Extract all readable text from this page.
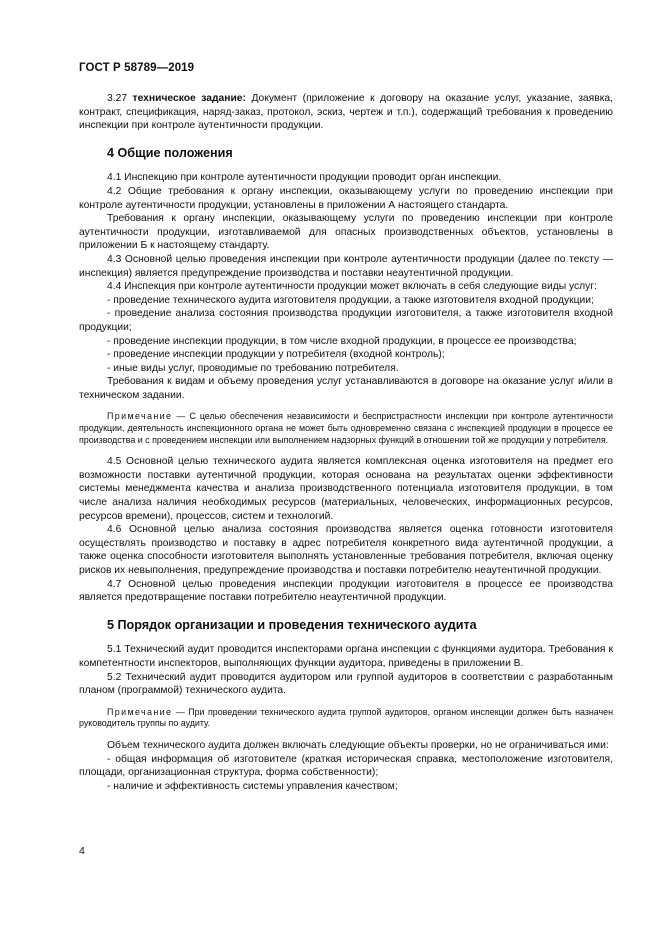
ГОСТ Р 58789—2019

3.27 техническое задание: Документ (приложение к договору на оказание услуг, указание, заявка, контракт, спецификация, наряд-заказ, протокол, эскиз, чертеж и т.п.), содержащий требования к проведению инспекции при контроле аутентичности продукции.

4 Общие положения

4.1 Инспекцию при контроле аутентичности продукции проводит орган инспекции.

4.2 Общие требования к органу инспекции, оказывающему услуги по проведению инспекции при контроле аутентичности продукции, установлены в приложении А настоящего стандарта.

Требования к органу инспекции, оказывающему услуги по проведению инспекции при контроле аутентичности продукции, изготавливаемой для опасных производственных объектов, установлены в приложении Б к настоящему стандарту.

4.3 Основной целью проведения инспекции при контроле аутентичности продукции (далее по тексту — инспекция) является предупреждение производства и поставки неаутентичной продукции.

4.4 Инспекция при контроле аутентичности продукции может включать в себя следующие виды услуг:

- проведение технического аудита изготовителя продукции, а также изготовителя входной продукции;

- проведение анализа состояния производства продукции изготовителя, а также изготовителя входной продукции;

- проведение инспекции продукции, в том числе входной продукции, в процессе ее производства;

- проведение инспекции продукции у потребителя (входной контроль);

- иные виды услуг, проводимые по требованию потребителя.

Требования к видам и объему проведения услуг устанавливаются в договоре на оказание услуг и/или в техническом задании.

Примечание — С целью обеспечения независимости и беспристрастности инспекции при контроле аутентичности продукции, деятельность инспекционного органа не может быть одновременно связана с инспекцией продукции в процессе ее производства и с проведением инспекции или выполнением надзорных функций в отношении той же продукции у потребителя.

4.5 Основной целью технического аудита является комплексная оценка изготовителя на предмет его возможности поставки аутентичной продукции, которая основана на результатах оценки эффективности системы менеджмента качества и анализа производственного потенциала изготовителя продукции, в том числе анализа наличия необходимых ресурсов (материальных, человеческих, информационных ресурсов, ресурсов времени), процессов, систем и технологий.

4.6 Основной целью анализа состояния производства является оценка готовности изготовителя осуществлять производство и поставку в адрес потребителя конкретного вида аутентичной продукции, а также оценка способности изготовителя выполнять установленные требования потребителя, включая оценку рисков их невыполнения, предупреждение производства и поставки потребителю неаутентичной продукции.

4.7 Основной целью проведения инспекции продукции изготовителя в процессе ее производства является предотвращение поставки потребителю неаутентичной продукции.

5 Порядок организации и проведения технического аудита

5.1 Технический аудит проводится инспекторами органа инспекции с функциями аудитора. Требования к компетентности инспекторов, выполняющих функции аудитора, приведены в приложении В.

5.2 Технический аудит проводится аудитором или группой аудиторов в соответствии с разработанным планом (программой) технического аудита.

Примечание — При проведении технического аудита группой аудиторов, органом инспекции должен быть назначен руководитель группы по аудиту.

Объем технического аудита должен включать следующие объекты проверки, но не ограничиваться ими:

- общая информация об изготовителе (краткая историческая справка, местоположение изготовителя, площади, организационная структура, форма собственности);

- наличие и эффективность системы управления качеством;

4
